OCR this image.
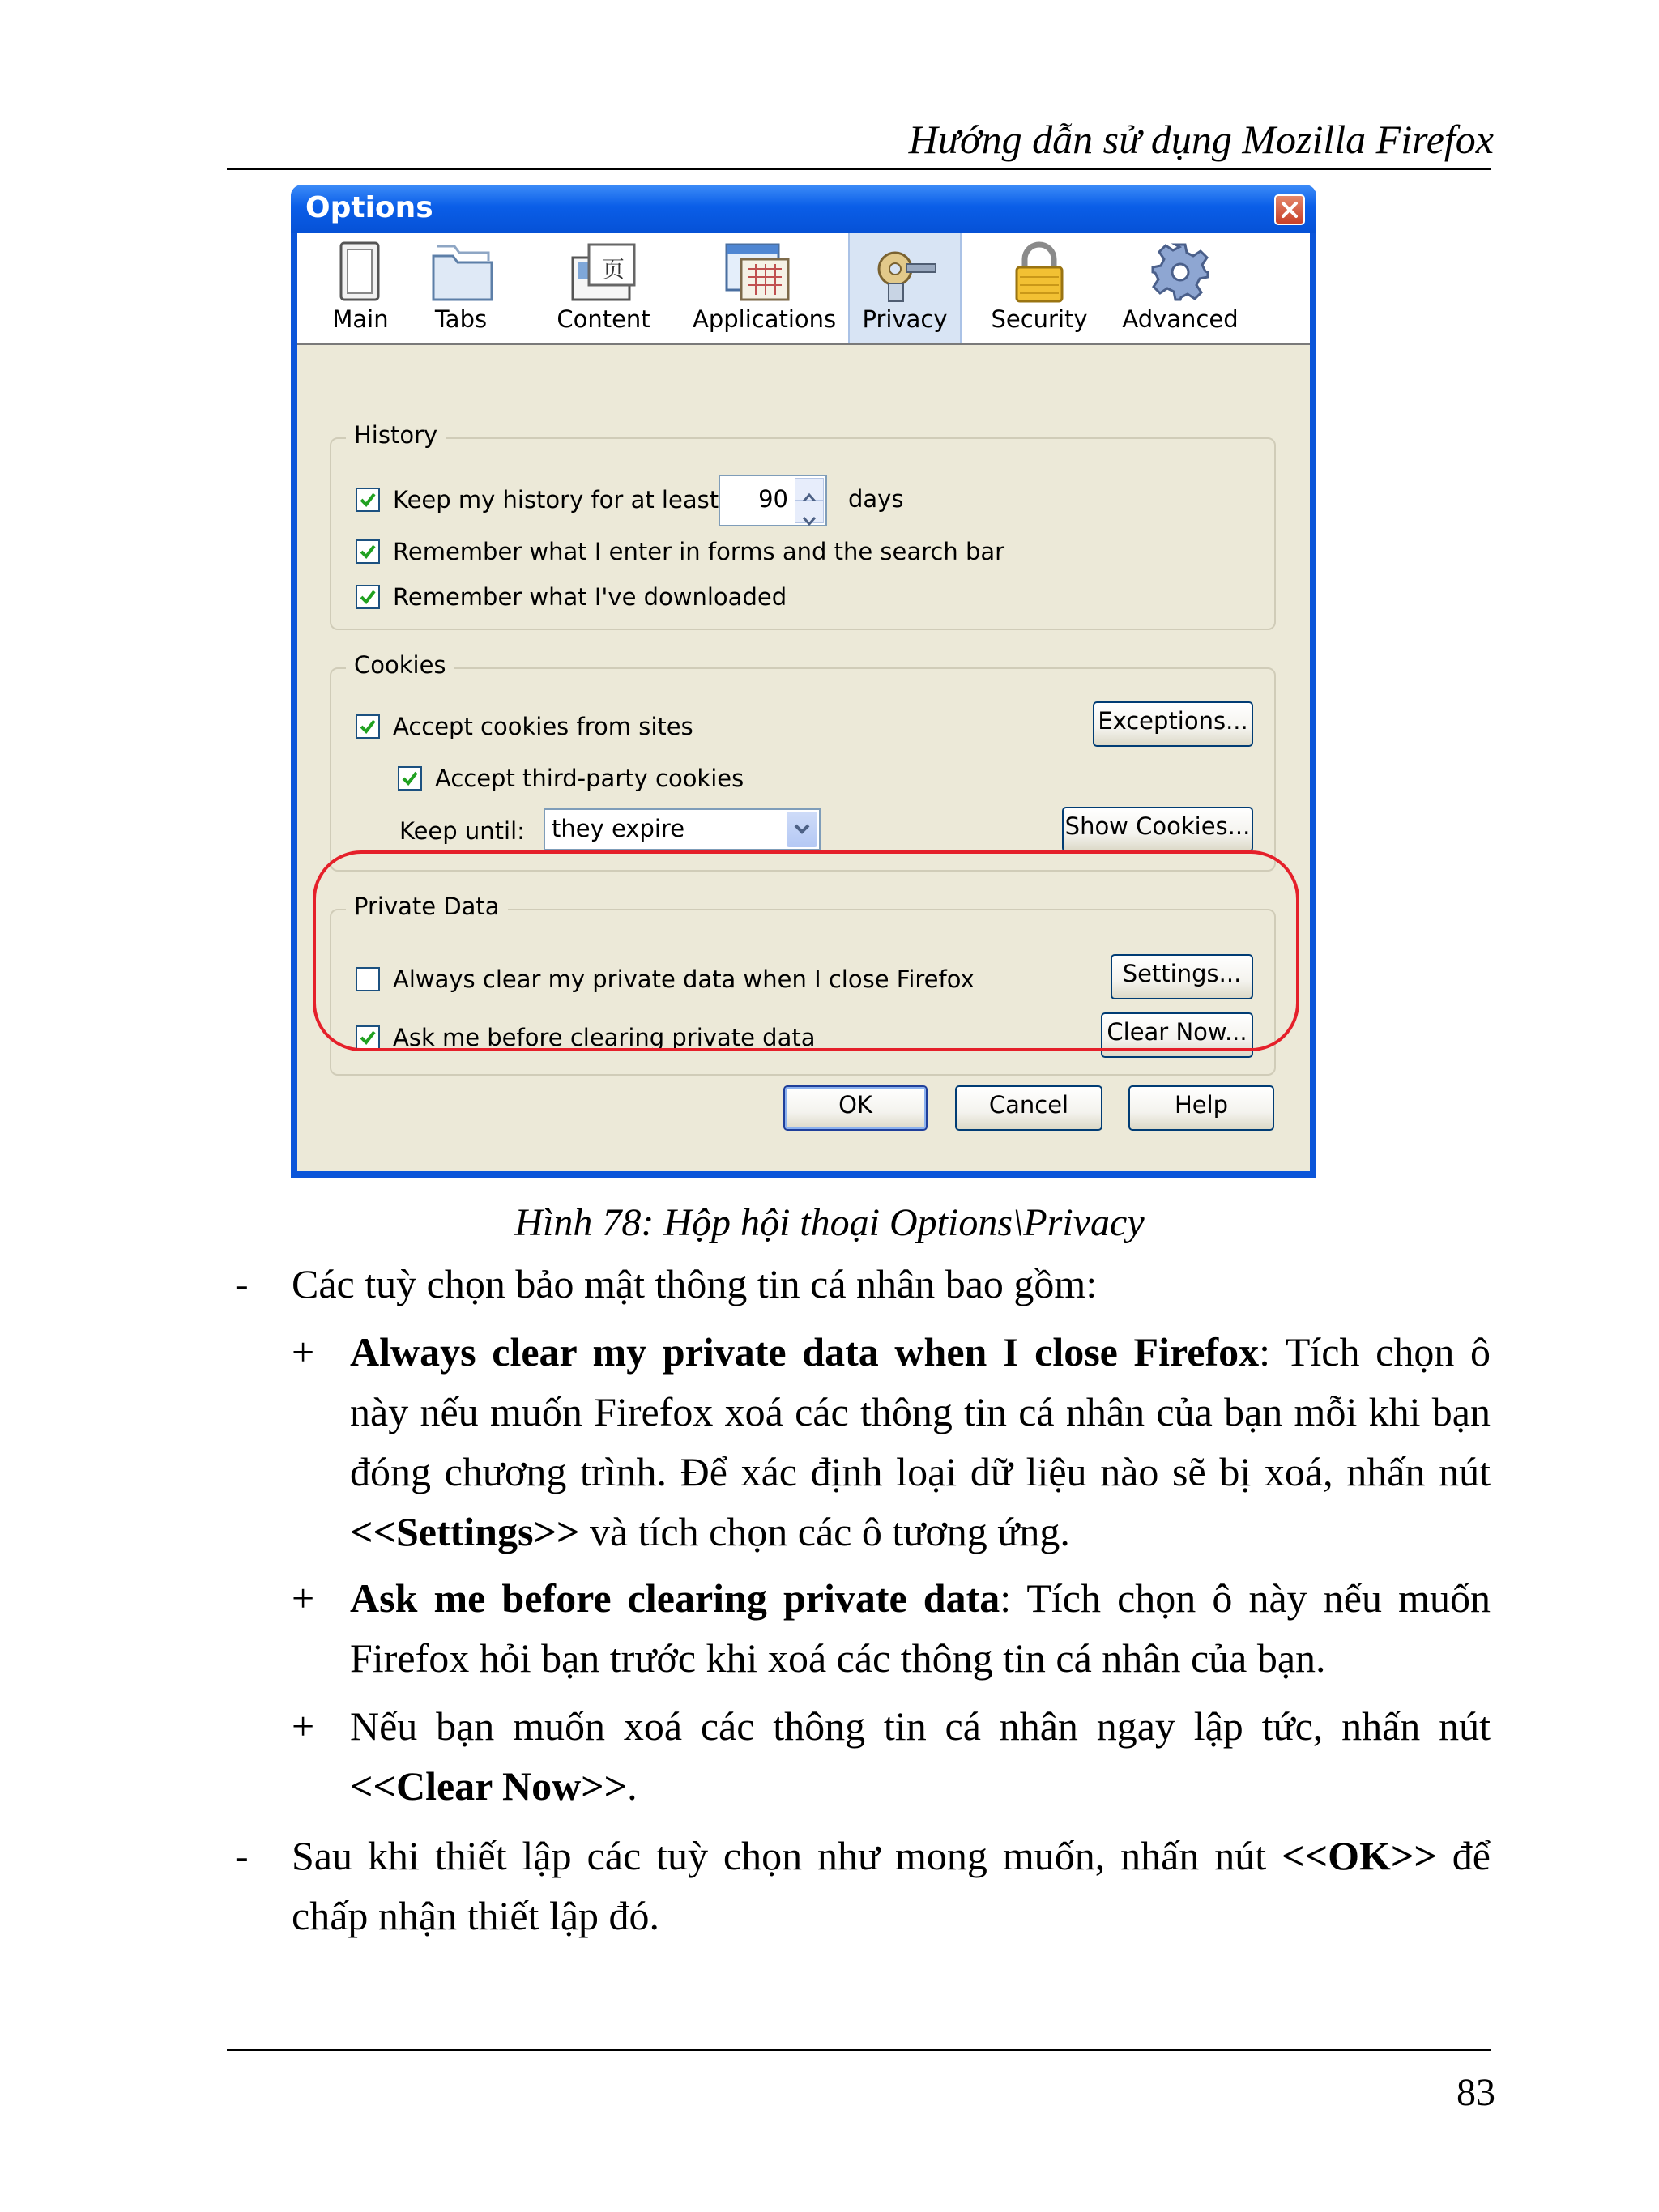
Hướng dẫn sử dụng Mozilla Firefox
Options
Main Tabs
页
Content Applications	Privacy	Security	Advanced
History
Keep my history for at least 90	days
Remember what I enter in forms and the search bar
Remember what I've downloaded
Cookies
Accept cookies from sites	Exceptions...
Accept third-party cookies
Keep until: they expire	Show Cookies...
Private Data
Always clear my private data when I close Firefox	Settings...
Ask me before clearing private data	Clear Now...
OK	Cancel	Help
Hình 78: Hộp hội thoại Options\Privacy
- Các tuỳ chọn bảo mật thông tin cá nhân bao gồm:
+ Always clear my private data when I close Firefox: Tích chọn ô này nếu muốn Firefox xoá các thông tin cá nhân của bạn mỗi khi bạn đóng chương trình. Để xác định loại dữ liệu nào sẽ bị xoá, nhấn nút <<Settings>> và tích chọn các ô tương ứng.
+ Ask me before clearing private data: Tích chọn ô này nếu muốn Firefox hỏi bạn trước khi xoá các thông tin cá nhân của bạn.
+ Nếu bạn muốn xoá các thông tin cá nhân ngay lập tức, nhấn nút <<Clear Now>>.
- Sau khi thiết lập các tuỳ chọn như mong muốn, nhấn nút <<OK>> để chấp nhận thiết lập đó.
83
